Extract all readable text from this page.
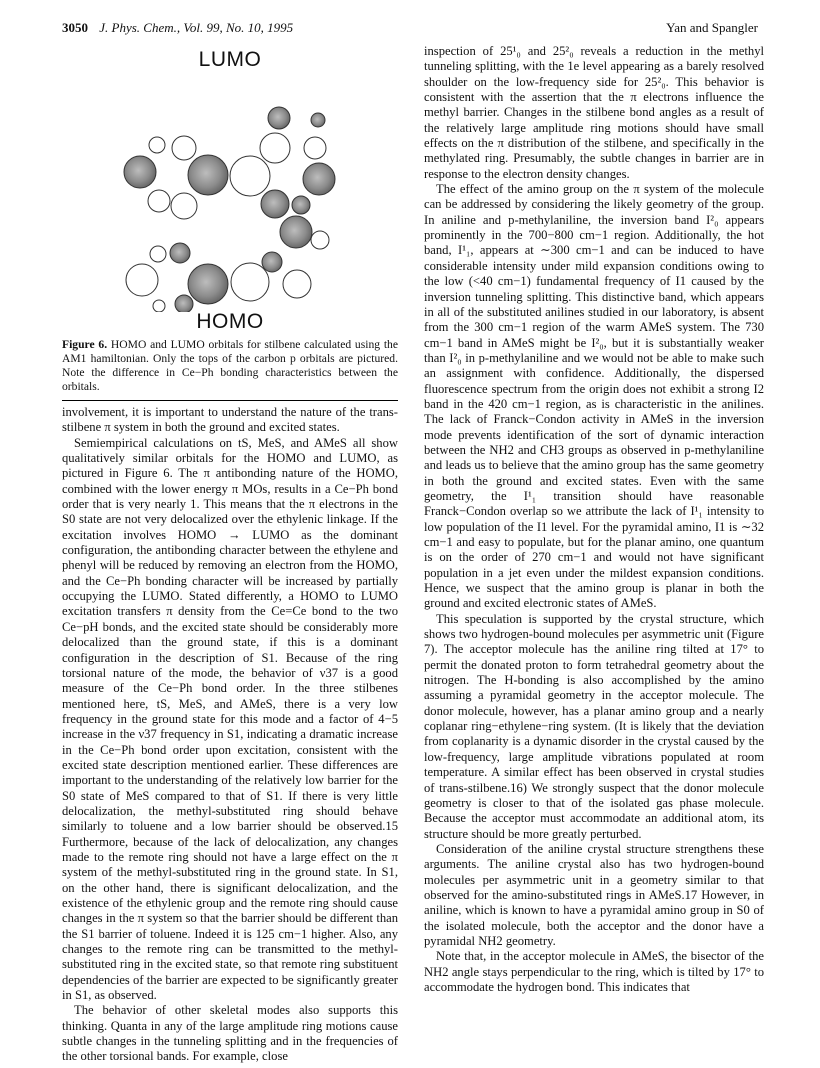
3050 J. Phys. Chem., Vol. 99, No. 10, 1995	Yan and Spangler
LUMO
HOMO
Figure 6. HOMO and LUMO orbitals for stilbene calculated using the AM1 hamiltonian. Only the tops of the carbon p orbitals are pictured. Note the difference in Ce−Ph bonding characteristics between the orbitals.

involvement, it is important to understand the nature of the trans-stilbene π system in both the ground and excited states.

Semiempirical calculations on tS, MeS, and AMeS all show qualitatively similar orbitals for the HOMO and LUMO, as pictured in Figure 6. The π antibonding nature of the HOMO, combined with the lower energy π MOs, results in a Ce−Ph bond order that is very nearly 1. This means that the π electrons in the S0 state are not very delocalized over the ethylenic linkage. If the excitation involves HOMO → LUMO as the dominant configuration, the antibonding character between the ethylene and phenyl will be reduced by removing an electron from the HOMO, and the Ce−Ph bonding character will be increased by partially occupying the LUMO. Stated differently, a HOMO to LUMO excitation transfers π density from the Ce=Ce bond to the two Ce−pH bonds, and the excited state should be considerably more delocalized than the ground state, if this is a dominant configuration in the description of S1. Because of the ring torsional nature of the mode, the behavior of ν37 is a good measure of the Ce−Ph bond order. In the three stilbenes mentioned here, tS, MeS, and AMeS, there is a very low frequency in the ground state for this mode and a factor of 4−5 increase in the ν37 frequency in S1, indicating a dramatic increase in the Ce−Ph bond order upon excitation, consistent with the excited state description mentioned earlier. These differences are important to the understanding of the relatively low barrier for the S0 state of MeS compared to that of S1. If there is very little delocalization, the methyl-substituted ring should behave similarly to toluene and a low barrier should be observed.15 Furthermore, because of the lack of delocalization, any changes made to the remote ring should not have a large effect on the π system of the methyl-substituted ring in the ground state. In S1, on the other hand, there is significant delocalization, and the existence of the ethylenic group and the remote ring should cause changes in the π system so that the barrier should be different than the S1 barrier of toluene. Indeed it is 125 cm−1 higher. Also, any changes to the remote ring can be transmitted to the methyl-substituted ring in the excited state, so that remote ring substituent dependencies of the barrier are expected to be significantly greater in S1, as observed.

The behavior of other skeletal modes also supports this thinking. Quanta in any of the large amplitude ring motions cause subtle changes in the tunneling splitting and in the frequencies of the other torsional bands. For example, close

inspection of 25¹₀ and 25²₀ reveals a reduction in the methyl tunneling splitting, with the 1e level appearing as a barely resolved shoulder on the low-frequency side for 25²₀. This behavior is consistent with the assertion that the π electrons influence the methyl barrier. Changes in the stilbene bond angles as a result of the relatively large amplitude ring motions should have small effects on the π distribution of the stilbene, and specifically in the methylated ring. Presumably, the subtle changes in barrier are in response to the electron density changes.

The effect of the amino group on the π system of the molecule can be addressed by considering the likely geometry of the group. In aniline and p-methylaniline, the inversion band I²₀ appears prominently in the 700−800 cm−1 region. Additionally, the hot band, I¹₁, appears at ∼300 cm−1 and can be induced to have considerable intensity under mild expansion conditions owing to the low (<40 cm−1) fundamental frequency of I1 caused by the inversion tunneling splitting. This distinctive band, which appears in all of the substituted anilines studied in our laboratory, is absent from the 300 cm−1 region of the warm AMeS system. The 730 cm−1 band in AMeS might be I²₀, but it is substantially weaker than I²₀ in p-methylaniline and we would not be able to make such an assignment with confidence. Additionally, the dispersed fluorescence spectrum from the origin does not exhibit a strong I2 band in the 420 cm−1 region, as is characteristic in the anilines. The lack of Franck−Condon activity in AMeS in the inversion mode prevents identification of the sort of dynamic interaction between the NH2 and CH3 groups as observed in p-methylaniline and leads us to believe that the amino group has the same geometry in both the ground and excited states. Even with the same geometry, the I¹₁ transition should have reasonable Franck−Condon overlap so we attribute the lack of I¹₁ intensity to low population of the I1 level. For the pyramidal amino, I1 is ∼32 cm−1 and easy to populate, but for the planar amino, one quantum is on the order of 270 cm−1 and would not have significant population in a jet even under the mildest expansion conditions. Hence, we suspect that the amino group is planar in both the ground and excited electronic states of AMeS.

This speculation is supported by the crystal structure, which shows two hydrogen-bound molecules per asymmetric unit (Figure 7). The acceptor molecule has the aniline ring tilted at 17° to permit the donated proton to form tetrahedral geometry about the nitrogen. The H-bonding is also accomplished by the amino assuming a pyramidal geometry in the acceptor molecule. The donor molecule, however, has a planar amino group and a nearly coplanar ring−ethylene−ring system. (It is likely that the deviation from coplanarity is a dynamic disorder in the crystal caused by the low-frequency, large amplitude vibrations populated at room temperature. A similar effect has been observed in crystal studies of trans-stilbene.16) We strongly suspect that the donor molecule geometry is closer to that of the isolated gas phase molecule. Because the acceptor must accommodate an additional atom, its structure should be more greatly perturbed.

Consideration of the aniline crystal structure strengthens these arguments. The aniline crystal also has two hydrogen-bound molecules per asymmetric unit in a geometry similar to that observed for the amino-substituted rings in AMeS.17 However, in aniline, which is known to have a pyramidal amino group in S0 of the isolated molecule, both the acceptor and the donor have a pyramidal NH2 geometry.

Note that, in the acceptor molecule in AMeS, the bisector of the NH2 angle stays perpendicular to the ring, which is tilted by 17° to accommodate the hydrogen bond. This indicates that
